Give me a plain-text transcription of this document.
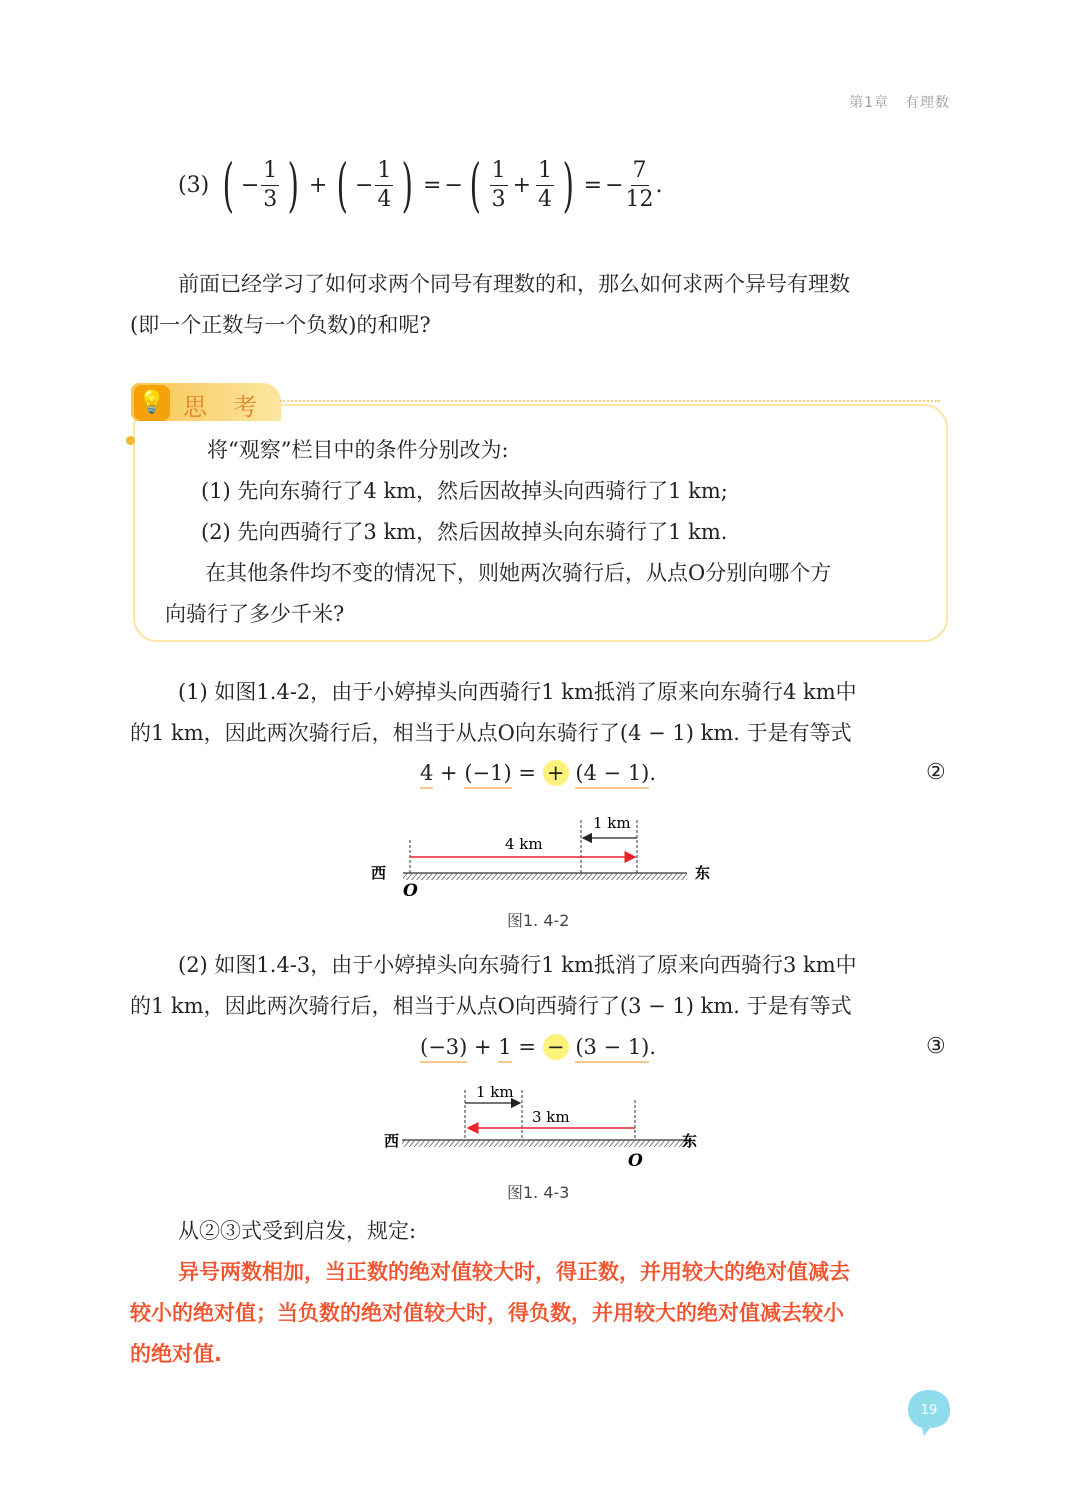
第1章 有理数
(3)
( − $\frac{1}{3}$ ) + ( − $\frac{1}{4}$ ) = − ( $\frac{1}{3} + \frac{1}{4}$ ) = − $\frac{7}{12}$ .
前面已经学习了如何求两个同号有理数的和，那么如何求两个异号有理数
(即一个正数与一个负数)的和呢?
💡 思考
将“观察”栏目中的条件分别改为:
(1) 先向东骑行了4 km，然后因故掉头向西骑行了1 km;
(2) 先向西骑行了3 km，然后因故掉头向东骑行了1 km.
在其他条件均不变的情况下，则她两次骑行后，从点O分别向哪个方
向骑行了多少千米?
(1) 如图1.4-2，由于小婷掉头向西骑行1 km抵消了原来向东骑行4 km中
的1 km，因此两次骑行后，相当于从点O向东骑行了(4 − 1) km. 于是有等式
4 + (−1) = + (4 − 1).	②
4 km
1 km
西	东
O
图1. 4-2
(2) 如图1.4-3，由于小婷掉头向东骑行1 km抵消了原来向西骑行3 km中
的1 km，因此两次骑行后，相当于从点O向西骑行了(3 − 1) km. 于是有等式
(−3) + 1 = − (3 − 1).	③
1 km
3 km
西	东
O
图1. 4-3
从②③式受到启发，规定:
异号两数相加，当正数的绝对值较大时，得正数，并用较大的绝对值减去
较小的绝对值；当负数的绝对值较大时，得负数，并用较大的绝对值减去较小
的绝对值.
19
